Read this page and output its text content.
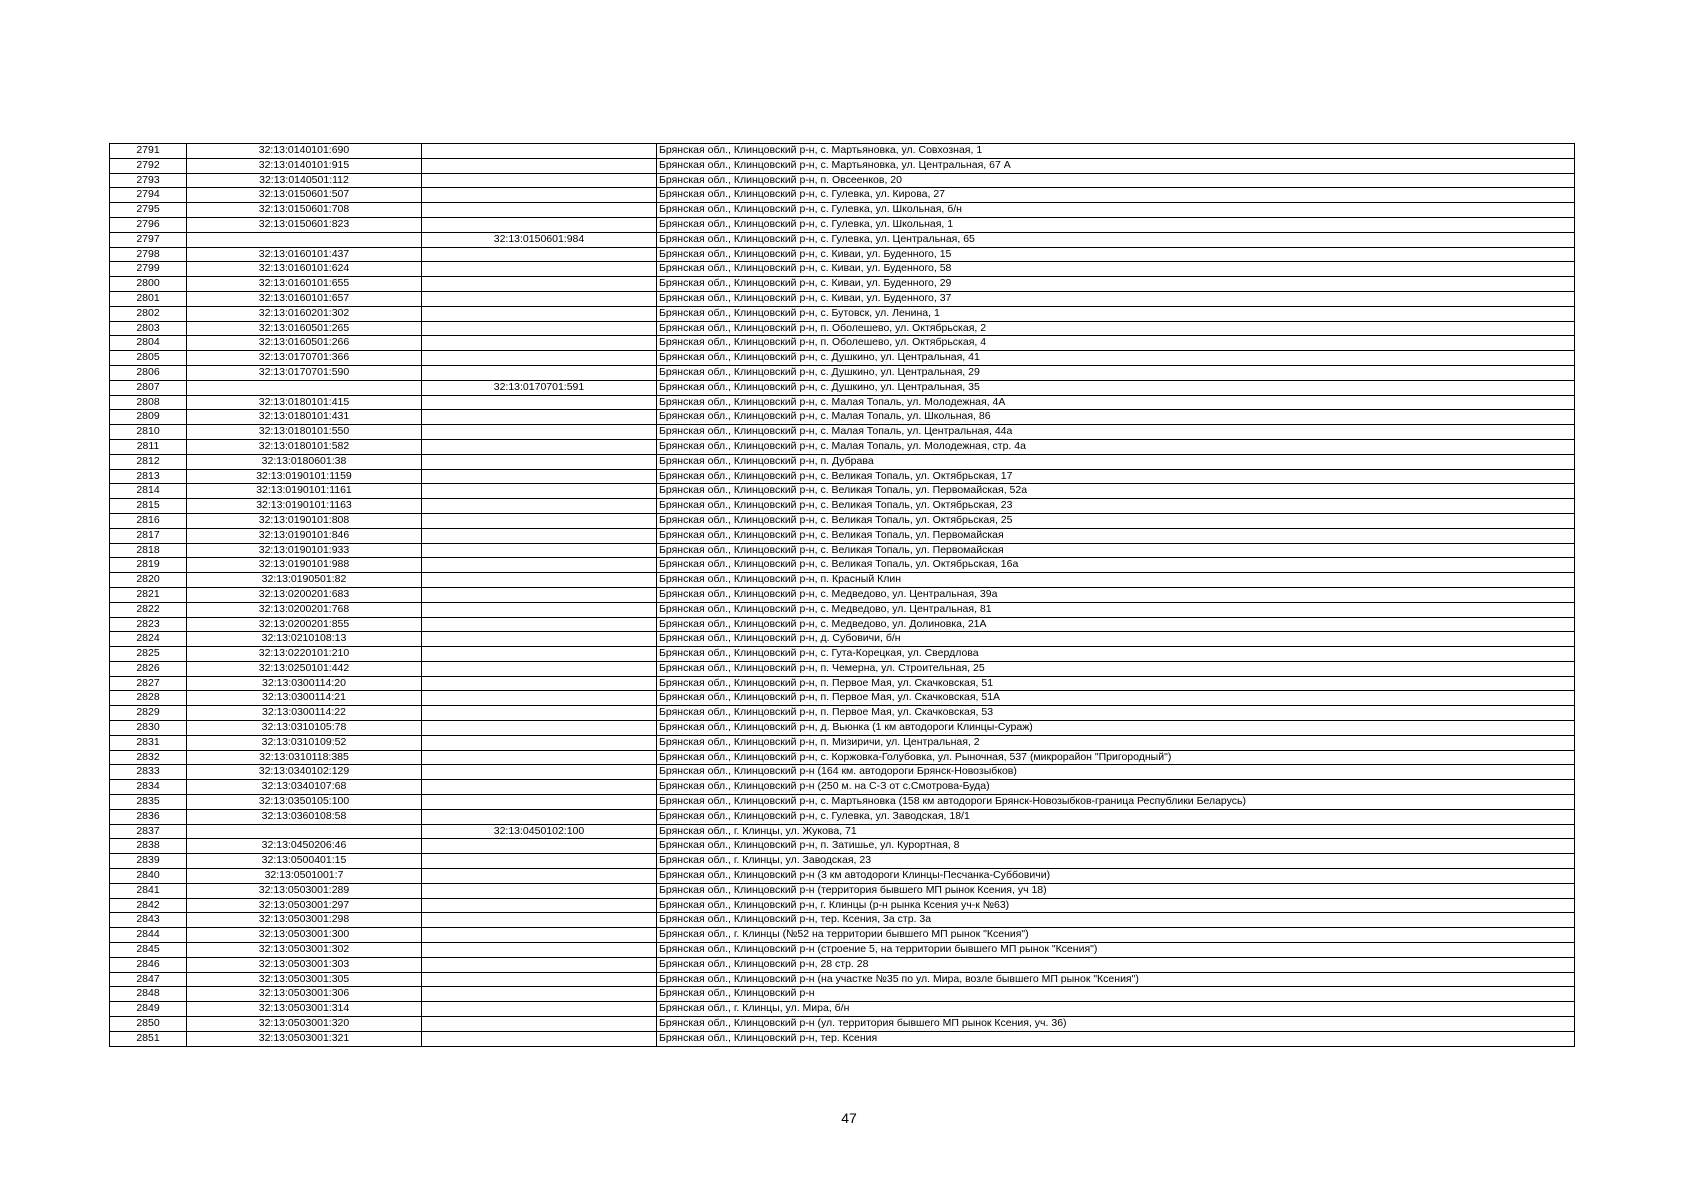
2791	32:13:0140101:690		Брянская обл., Клинцовский р-н, с. Мартьяновка, ул. Совхозная, 1
2792	32:13:0140101:915		Брянская обл., Клинцовский р-н, с. Мартьяновка, ул. Центральная, 67 А
2793	32:13:0140501:112		Брянская обл., Клинцовский р-н, п. Овсеенков, 20
2794	32:13:0150601:507		Брянская обл., Клинцовский р-н, с. Гулевка, ул. Кирова, 27
2795	32:13:0150601:708		Брянская обл., Клинцовский р-н, с. Гулевка, ул. Школьная, б/н
2796	32:13:0150601:823		Брянская обл., Клинцовский р-н, с. Гулевка, ул. Школьная, 1
2797		32:13:0150601:984	Брянская обл., Клинцовский р-н, с. Гулевка, ул. Центральная, 65
2798	32:13:0160101:437		Брянская обл., Клинцовский р-н, с. Киваи, ул. Буденного, 15
2799	32:13:0160101:624		Брянская обл., Клинцовский р-н, с. Киваи, ул. Буденного, 58
2800	32:13:0160101:655		Брянская обл., Клинцовский р-н, с. Киваи, ул. Буденного, 29
2801	32:13:0160101:657		Брянская обл., Клинцовский р-н, с. Киваи, ул. Буденного, 37
2802	32:13:0160201:302		Брянская обл., Клинцовский р-н, с. Бутовск, ул. Ленина, 1
2803	32:13:0160501:265		Брянская обл., Клинцовский р-н, п. Оболешево, ул. Октябрьская, 2
2804	32:13:0160501:266		Брянская обл., Клинцовский р-н, п. Оболешево, ул. Октябрьская, 4
2805	32:13:0170701:366		Брянская обл., Клинцовский р-н, с. Душкино, ул. Центральная, 41
2806	32:13:0170701:590		Брянская обл., Клинцовский р-н, с. Душкино, ул. Центральная, 29
2807		32:13:0170701:591	Брянская обл., Клинцовский р-н, с. Душкино, ул. Центральная, 35
2808	32:13:0180101:415		Брянская обл., Клинцовский р-н, с. Малая Топаль, ул. Молодежная, 4А
2809	32:13:0180101:431		Брянская обл., Клинцовский р-н, с. Малая Топаль, ул. Школьная, 86
2810	32:13:0180101:550		Брянская обл., Клинцовский р-н, с. Малая Топаль, ул. Центральная, 44а
2811	32:13:0180101:582		Брянская обл., Клинцовский р-н, с. Малая Топаль, ул. Молодежная, стр. 4а
2812	32:13:0180601:38		Брянская обл., Клинцовский р-н, п. Дубрава
2813	32:13:0190101:1159		Брянская обл., Клинцовский р-н, с. Великая Топаль, ул. Октябрьская, 17
2814	32:13:0190101:1161		Брянская обл., Клинцовский р-н, с. Великая Топаль, ул. Первомайская, 52а
2815	32:13:0190101:1163		Брянская обл., Клинцовский р-н, с. Великая Топаль, ул. Октябрьская, 23
2816	32:13:0190101:808		Брянская обл., Клинцовский р-н, с. Великая Топаль, ул. Октябрьская, 25
2817	32:13:0190101:846		Брянская обл., Клинцовский р-н, с. Великая Топаль, ул. Первомайская
2818	32:13:0190101:933		Брянская обл., Клинцовский р-н, с. Великая Топаль, ул. Первомайская
2819	32:13:0190101:988		Брянская обл., Клинцовский р-н, с. Великая Топаль, ул. Октябрьская, 16а
2820	32:13:0190501:82		Брянская обл., Клинцовский р-н, п. Красный Клин
2821	32:13:0200201:683		Брянская обл., Клинцовский р-н, с. Медведово, ул. Центральная, 39а
2822	32:13:0200201:768		Брянская обл., Клинцовский р-н, с. Медведово, ул. Центральная, 81
2823	32:13:0200201:855		Брянская обл., Клинцовский р-н, с. Медведово, ул. Долиновка, 21А
2824	32:13:0210108:13		Брянская обл., Клинцовский р-н, д. Субовичи, б/н
2825	32:13:0220101:210		Брянская обл., Клинцовский р-н, с. Гута-Корецкая, ул. Свердлова
2826	32:13:0250101:442		Брянская обл., Клинцовский р-н, п. Чемерна, ул. Строительная, 25
2827	32:13:0300114:20		Брянская обл., Клинцовский р-н, п. Первое Мая, ул. Скачковская, 51
2828	32:13:0300114:21		Брянская обл., Клинцовский р-н, п. Первое Мая, ул. Скачковская, 51А
2829	32:13:0300114:22		Брянская обл., Клинцовский р-н, п. Первое Мая, ул. Скачковская, 53
2830	32:13:0310105:78		Брянская обл., Клинцовский р-н, д. Вьюнка (1 км автодороги Клинцы-Сураж)
2831	32:13:0310109:52		Брянская обл., Клинцовский р-н, п. Мизиричи, ул. Центральная, 2
2832	32:13:0310118:385		Брянская обл., Клинцовский р-н, с. Коржовка-Голубовка, ул. Рыночная, 537 (микрорайон "Пригородный")
2833	32:13:0340102:129		Брянская обл., Клинцовский р-н (164 км. автодороги Брянск-Новозыбков)
2834	32:13:0340107:68		Брянская обл., Клинцовский р-н (250 м. на С-З от с.Смотрова-Буда)
2835	32:13:0350105:100		Брянская обл., Клинцовский р-н, с. Мартьяновка (158 км автодороги Брянск-Новозыбков-граница Республики Беларусь)
2836	32:13:0360108:58		Брянская обл., Клинцовский р-н, с. Гулевка, ул. Заводская, 18/1
2837		32:13:0450102:100	Брянская обл., г. Клинцы, ул. Жукова, 71
2838	32:13:0450206:46		Брянская обл., Клинцовский р-н, п. Затишье, ул. Курортная, 8
2839	32:13:0500401:15		Брянская обл., г. Клинцы, ул. Заводская, 23
2840	32:13:0501001:7		Брянская обл., Клинцовский р-н (3 км автодороги Клинцы-Песчанка-Суббовичи)
2841	32:13:0503001:289		Брянская обл., Клинцовский р-н (территория бывшего МП рынок Ксения, уч 18)
2842	32:13:0503001:297		Брянская обл., Клинцовский р-н, г. Клинцы (р-н рынка Ксения уч-к №63)
2843	32:13:0503001:298		Брянская обл., Клинцовский р-н, тер. Ксения, 3а стр. 3а
2844	32:13:0503001:300		Брянская обл., г. Клинцы (№52 на территории бывшего МП рынок "Ксения")
2845	32:13:0503001:302		Брянская обл., Клинцовский р-н (строение 5, на территории бывшего МП рынок "Ксения")
2846	32:13:0503001:303		Брянская обл., Клинцовский р-н, 28 стр. 28
2847	32:13:0503001:305		Брянская обл., Клинцовский р-н (на участке №35 по ул. Мира, возле бывшего МП рынок "Ксения")
2848	32:13:0503001:306		Брянская обл., Клинцовский р-н
2849	32:13:0503001:314		Брянская обл., г. Клинцы, ул. Мира, б/н
2850	32:13:0503001:320		Брянская обл., Клинцовский р-н (ул. территория бывшего МП рынок Ксения, уч. 36)
2851	32:13:0503001:321		Брянская обл., Клинцовский р-н, тер. Ксения
47
